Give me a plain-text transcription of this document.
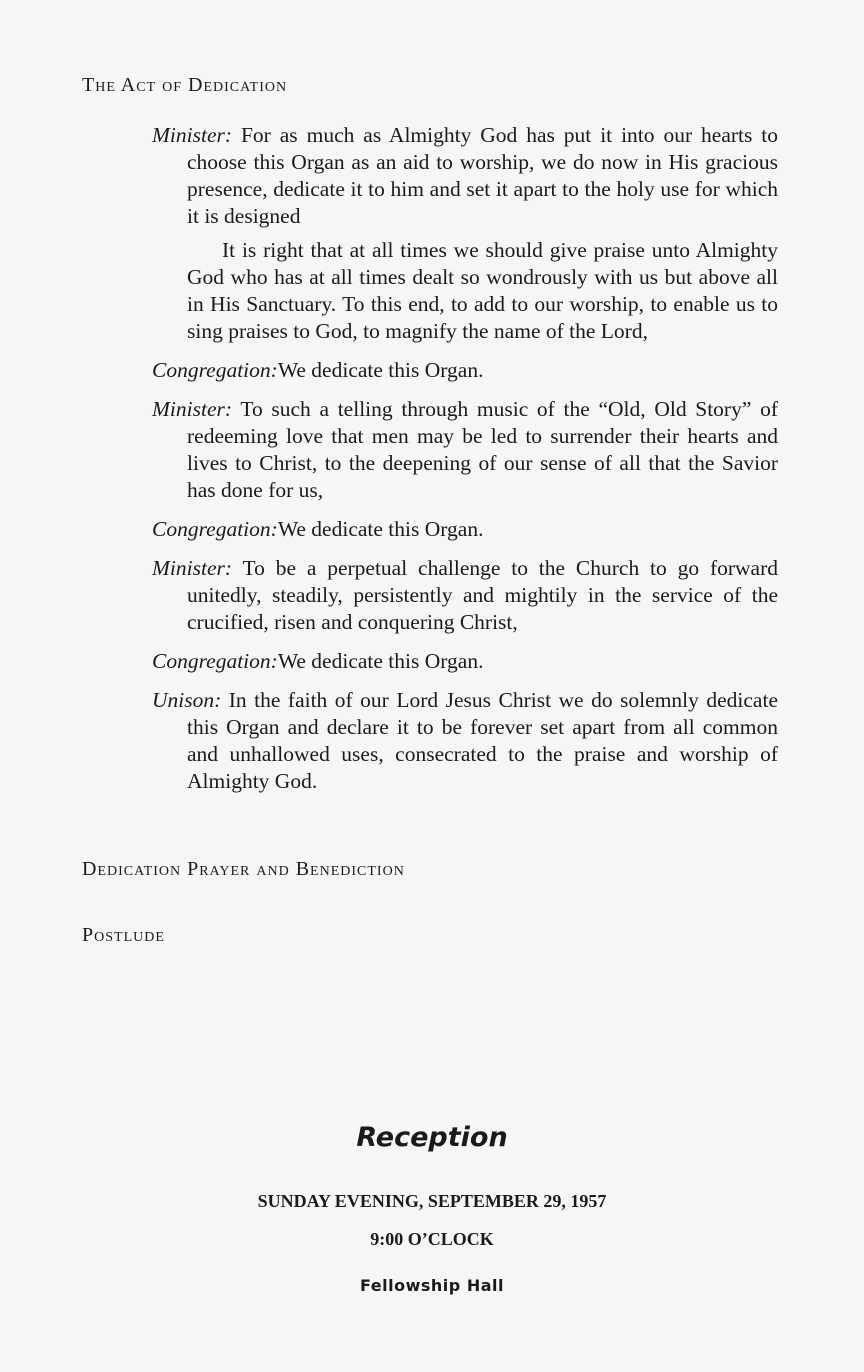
The Act of Dedication

Minister: For as much as Almighty God has put it into our hearts to choose this Organ as an aid to worship, we do now in His gracious presence, dedicate it to him and set it apart to the holy use for which it is designed
It is right that at all times we should give praise unto Almighty God who has at all times dealt so wondrously with us but above all in His Sanctuary. To this end, to add to our worship, to enable us to sing praises to God, to magnify the name of the Lord,

Congregation:We dedicate this Organ.

Minister: To such a telling through music of the “Old, Old Story” of redeeming love that men may be led to surrender their hearts and lives to Christ, to the deepening of our sense of all that the Savior has done for us,

Congregation:We dedicate this Organ.

Minister: To be a perpetual challenge to the Church to go forward unitedly, steadily, persistently and mightily in the service of the crucified, risen and conquering Christ,

Congregation:We dedicate this Organ.

Unison: In the faith of our Lord Jesus Christ we do solemnly dedicate this Organ and declare it to be forever set apart from all common and unhallowed uses, consecrated to the praise and worship of Almighty God.

Dedication Prayer and Benediction
Postlude
Reception
SUNDAY EVENING, SEPTEMBER 29, 1957
9:00 O’CLOCK
Fellowship Hall
